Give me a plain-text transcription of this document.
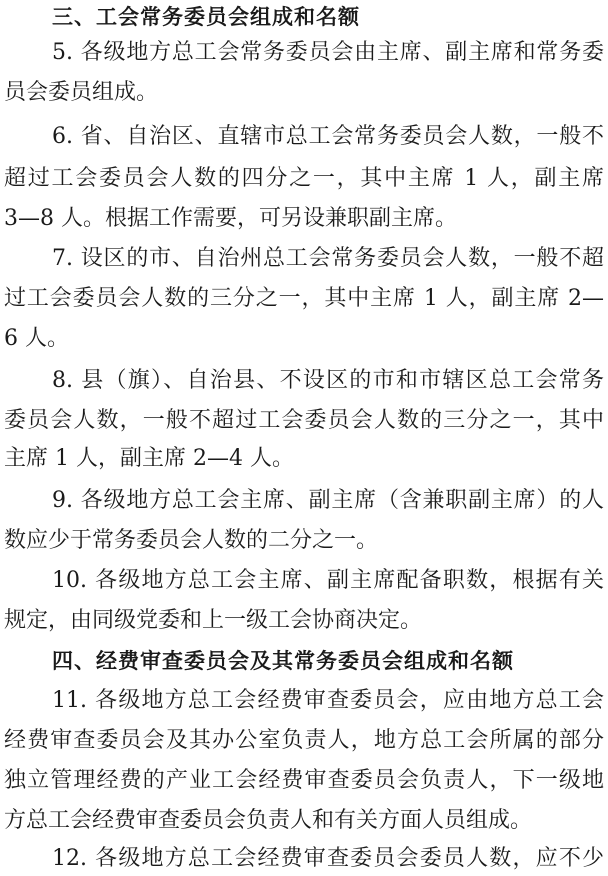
三、工会常务委员会组成和名额
5. 各级地方总工会常务委员会由主席、副主席和常务委
员会委员组成。
6. 省、自治区、直辖市总工会常务委员会人数，一般不
超过工会委员会人数的四分之一，其中主席 1 人，副主席
3—8 人。根据工作需要，可另设兼职副主席。
7. 设区的市、自治州总工会常务委员会人数，一般不超
过工会委员会人数的三分之一，其中主席 1 人，副主席 2—
6 人。
8. 县（旗）、自治县、不设区的市和市辖区总工会常务
委员会人数，一般不超过工会委员会人数的三分之一，其中
主席 1 人，副主席 2—4 人。
9. 各级地方总工会主席、副主席（含兼职副主席）的人
数应少于常务委员会人数的二分之一。
10. 各级地方总工会主席、副主席配备职数，根据有关
规定，由同级党委和上一级工会协商决定。
四、经费审查委员会及其常务委员会组成和名额
11. 各级地方总工会经费审查委员会，应由地方总工会
经费审查委员会及其办公室负责人，地方总工会所属的部分
独立管理经费的产业工会经费审查委员会负责人，下一级地
方总工会经费审查委员会负责人和有关方面人员组成。
12. 各级地方总工会经费审查委员会委员人数，应不少
